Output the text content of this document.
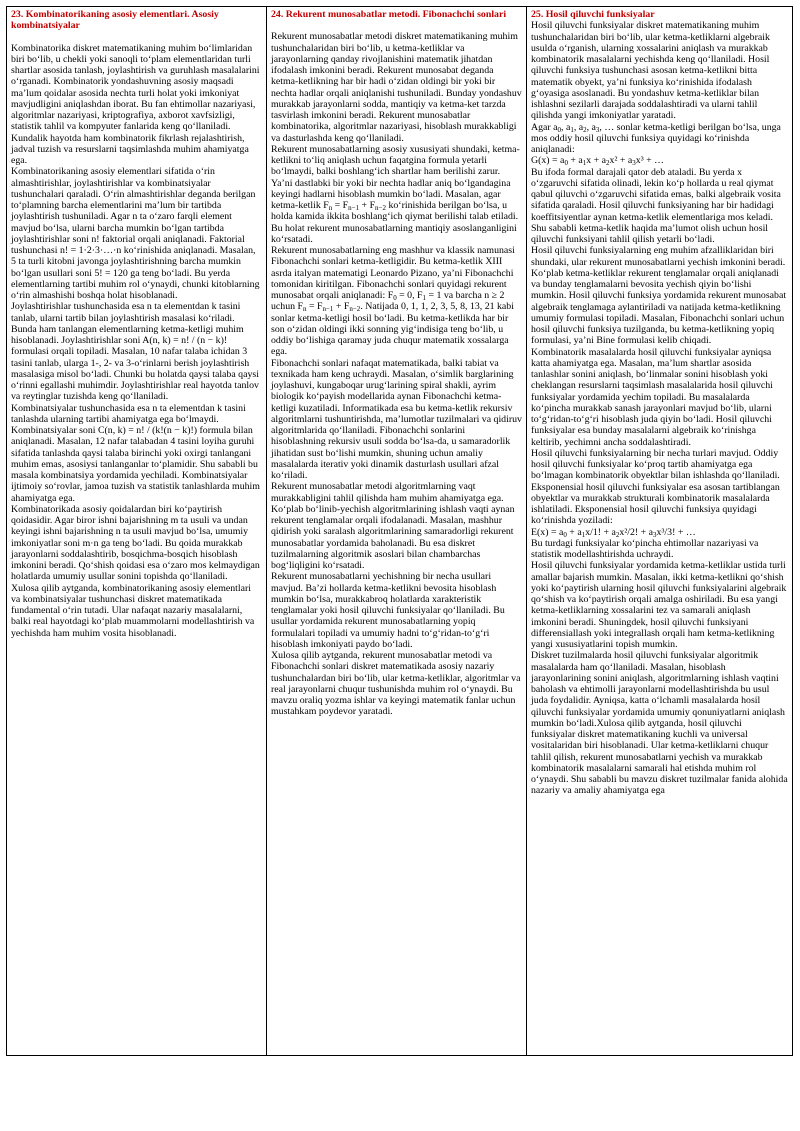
23. Kombinatorikaning asosiy elementlari. Asosiy kombinatsiyalar

Kombinatorika diskret matematikaning muhim boʻlimlaridan biri boʻlib, u chekli yoki sanoqli toʻplam elementlaridan turli shartlar asosida tanlash, joylashtirish va guruhlash masalalarini oʻrganadi. Kombinatorik yondashuvning asosiy maqsadi maʼlum qoidalar asosida nechta turli holat yoki imkoniyat mavjudligini aniqlashdan iborat. Bu fan ehtimollar nazariyasi, algoritmlar nazariyasi, kriptografiya, axborot xavfsizligi, statistik tahlil va kompyuter fanlarida keng qoʻllaniladi. Kundalik hayotda ham kombinatorik fikrlash rejalashtirish, jadval tuzish va resurslarni taqsimlashda muhim ahamiyatga ega.

Kombinatorikaning asosiy elementlari sifatida oʻrin almashtirishlar, joylashtirishlar va kombinatsiyalar tushunchalari qaraladi. Oʻrin almashtirishlar deganda berilgan toʻplamning barcha elementlarini maʼlum bir tartibda joylashtirish tushuniladi. Agar n ta oʻzaro farqli element mavjud boʻlsa, ularni barcha mumkin boʻlgan tartibda joylashtirishlar soni n! faktorial orqali aniqlanadi. Faktorial tushunchasi n! = 1·2·3·…·n koʻrinishida aniqlanadi. Masalan, 5 ta turli kitobni javonga joylashtirishning barcha mumkin boʻlgan usullari soni 5! = 120 ga teng boʻladi. Bu yerda elementlarning tartibi muhim rol oʻynaydi, chunki kitoblarning oʻrin almashishi boshqa holat hisoblanadi.

Joylashtirishlar tushunchasida esa n ta elementdan k tasini tanlab, ularni tartib bilan joylashtirish masalasi koʻriladi. Bunda ham tanlangan elementlarning ketma-ketligi muhim hisoblanadi. Joylashtirishlar soni A(n, k) = n! / (n − k)! formulasi orqali topiladi. Masalan, 10 nafar talaba ichidan 3 tasini tanlab, ularga 1-, 2- va 3-oʻrinlarni berish joylashtirish masalasiga misol boʻladi. Chunki bu holatda qaysi talaba qaysi oʻrinni egallashi muhimdir. Joylashtirishlar real hayotda tanlov va reytinglar tuzishda keng qoʻllaniladi.

Kombinatsiyalar tushunchasida esa n ta elementdan k tasini tanlashda ularning tartibi ahamiyatga ega boʻlmaydi. Kombinatsiyalar soni C(n, k) = n! / (k!(n − k)!) formula bilan aniqlanadi. Masalan, 12 nafar talabadan 4 tasini loyiha guruhi sifatida tanlashda qaysi talaba birinchi yoki oxirgi tanlangani muhim emas, asosiysi tanlanganlar toʻplamidir. Shu sababli bu masala kombinatsiya yordamida yechiladi. Kombinatsiyalar ijtimoiy soʻrovlar, jamoa tuzish va statistik tanlashlarda muhim ahamiyatga ega.

Kombinatorikada asosiy qoidalardan biri koʻpaytirish qoidasidir. Agar biror ishni bajarishning m ta usuli va undan keyingi ishni bajarishning n ta usuli mavjud boʻlsa, umumiy imkoniyatlar soni m·n ga teng boʻladi. Bu qoida murakkab jarayonlarni soddalashtirib, bosqichma-bosqich hisoblash imkonini beradi. Qoʻshish qoidasi esa oʻzaro mos kelmaydigan holatlarda umumiy usullar sonini topishda qoʻllaniladi.

Xulosa qilib aytganda, kombinatorikaning asosiy elementlari va kombinatsiyalar tushunchasi diskret matematikada fundamental oʻrin tutadi. Ular nafaqat nazariy masalalarni, balki real hayotdagi koʻplab muammolarni modellashtirish va yechishda ham muhim vosita hisoblanadi.

24. Rekurent munosabatlar metodi. Fibonachchi sonlari

Rekurent munosabatlar metodi diskret matematikaning muhim tushunchalaridan biri boʻlib, u ketma-ketliklar va jarayonlarning qanday rivojlanishini matematik jihatdan ifodalash imkonini beradi. Rekurent munosabat deganda ketma-ketlikning har bir hadi oʻzidan oldingi bir yoki bir nechta hadlar orqali aniqlanishi tushuniladi. Bunday yondashuv murakkab jarayonlarni sodda, mantiqiy va ketma-ket tarzda tasvirlash imkonini beradi. Rekurent munosabatlar kombinatorika, algoritmlar nazariyasi, hisoblash murakkabligi va dasturlashda keng qoʻllaniladi.

Rekurent munosabatlarning asosiy xususiyati shundaki, ketma-ketlikni toʻliq aniqlash uchun faqatgina formula yetarli boʻlmaydi, balki boshlangʻich shartlar ham berilishi zarur. Yaʼni dastlabki bir yoki bir nechta hadlar aniq boʻlgandagina keyingi hadlarni hisoblash mumkin boʻladi. Masalan, agar ketma-ketlik $F_n = F_{n-1} + F_{n-2}$ koʻrinishida berilgan boʻlsa, u holda kamida ikkita boshlangʻich qiymat berilishi talab etiladi. Bu holat rekurent munosabatlarning mantiqiy asoslanganligini koʻrsatadi.

Rekurent munosabatlarning eng mashhur va klassik namunasi Fibonachchi sonlari ketma-ketligidir. Bu ketma-ketlik XIII asrda italyan matematigi Leonardo Pizano, yaʼni Fibonachchi tomonidan kiritilgan. Fibonachchi sonlari quyidagi rekurent munosabat orqali aniqlanadi: $F_0 = 0$, $F_1 = 1$ va barcha n ≥ 2 uchun $F_n = F_{n-1} + F_{n-2}$. Natijada 0, 1, 1, 2, 3, 5, 8, 13, 21 kabi sonlar ketma-ketligi hosil boʻladi. Bu ketma-ketlikda har bir son oʻzidan oldingi ikki sonning yigʻindisiga teng boʻlib, u oddiy boʻlishiga qaramay juda chuqur matematik xossalarga ega.

Fibonachchi sonlari nafaqat matematikada, balki tabiat va texnikada ham keng uchraydi. Masalan, oʻsimlik barglarining joylashuvi, kungaboqar urugʻlarining spiral shakli, ayrim biologik koʻpayish modellarida aynan Fibonachchi ketma-ketligi kuzatiladi. Informatikada esa bu ketma-ketlik rekursiv algoritmlarni tushuntirishda, maʼlumotlar tuzilmalari va qidiruv algoritmlarida qoʻllaniladi. Fibonachchi sonlarini hisoblashning rekursiv usuli sodda boʻlsa-da, u samaradorlik jihatidan sust boʻlishi mumkin, shuning uchun amaliy masalalarda iterativ yoki dinamik dasturlash usullari afzal koʻriladi.

Rekurent munosabatlar metodi algoritmlarning vaqt murakkabligini tahlil qilishda ham muhim ahamiyatga ega. Koʻplab boʻlinib-yechish algoritmlarining ishlash vaqti aynan rekurent tenglamalar orqali ifodalanadi. Masalan, mashhur qidirish yoki saralash algoritmlarining samaradorligi rekurent munosabatlar yordamida baholanadi. Bu esa diskret tuzilmalarning algoritmik asoslari bilan chambarchas bogʻliqligini koʻrsatadi.

Rekurent munosabatlarni yechishning bir necha usullari mavjud. Baʼzi hollarda ketma-ketlikni bevosita hisoblash mumkin boʻlsa, murakkabroq holatlarda xarakteristik tenglamalar yoki hosil qiluvchi funksiyalar qoʻllaniladi. Bu usullar yordamida rekurent munosabatlarning yopiq formulalari topiladi va umumiy hadni toʻgʻridan-toʻgʻri hisoblash imkoniyati paydo boʻladi.

Xulosa qilib aytganda, rekurent munosabatlar metodi va Fibonachchi sonlari diskret matematikada asosiy nazariy tushunchalardan biri boʻlib, ular ketma-ketliklar, algoritmlar va real jarayonlarni chuqur tushunishda muhim rol oʻynaydi. Bu mavzu oraliq yozma ishlar va keyingi matematik fanlar uchun mustahkam poydevor yaratadi.

25. Hosil qiluvchi funksiyalar

Hosil qiluvchi funksiyalar diskret matematikaning muhim tushunchalaridan biri boʻlib, ular ketma-ketliklarni algebraik usulda oʻrganish, ularning xossalarini aniqlash va murakkab kombinatorik masalalarni yechishda keng qoʻllaniladi. Hosil qiluvchi funksiya tushunchasi asosan ketma-ketlikni bitta matematik obyekt, yaʼni funksiya koʻrinishida ifodalash gʻoyasiga asoslanadi. Bu yondashuv ketma-ketliklar bilan ishlashni sezilarli darajada soddalashtiradi va ularni tahlil qilishda yangi imkoniyatlar yaratadi.

Agar $a_0$, $a_1$, $a_2$, $a_3$, … sonlar ketma-ketligi berilgan boʻlsa, unga mos oddiy hosil qiluvchi funksiya quyidagi koʻrinishda aniqlanadi:

$G(x) = a_0 + a_1x + a_2x^2 + a_3x^3$ + …

Bu ifoda formal darajali qator deb ataladi. Bu yerda x oʻzgaruvchi sifatida olinadi, lekin koʻp hollarda u real qiymat qabul qiluvchi oʻzgaruvchi sifatida emas, balki algebraik vosita sifatida qaraladi. Hosil qiluvchi funksiyaning har bir hadidagi koeffitsiyentlar aynan ketma-ketlik elementlariga mos keladi. Shu sababli ketma-ketlik haqida maʼlumot olish uchun hosil qiluvchi funksiyani tahlil qilish yetarli boʻladi.

Hosil qiluvchi funksiyalarning eng muhim afzalliklaridan biri shundaki, ular rekurent munosabatlarni yechish imkonini beradi. Koʻplab ketma-ketliklar rekurent tenglamalar orqali aniqlanadi va bunday tenglamalarni bevosita yechish qiyin boʻlishi mumkin. Hosil qiluvchi funksiya yordamida rekurent munosabat algebraik tenglamaga aylantiriladi va natijada ketma-ketlikning umumiy formulasi topiladi. Masalan, Fibonachchi sonlari uchun hosil qiluvchi funksiya tuzilganda, bu ketma-ketlikning yopiq formulasi, yaʼni Bine formulasi kelib chiqadi.

Kombinatorik masalalarda hosil qiluvchi funksiyalar ayniqsa katta ahamiyatga ega. Masalan, maʼlum shartlar asosida tanlashlar sonini aniqlash, boʻlinmalar sonini hisoblash yoki cheklangan resurslarni taqsimlash masalalarida hosil qiluvchi funksiyalar yordamida yechim topiladi. Bu masalalarda koʻpincha murakkab sanash jarayonlari mavjud boʻlib, ularni toʻgʻridan-toʻgʻri hisoblash juda qiyin boʻladi. Hosil qiluvchi funksiyalar esa bunday masalalarni algebraik koʻrinishga keltirib, yechimni ancha soddalashtiradi.

Hosil qiluvchi funksiyalarning bir necha turlari mavjud. Oddiy hosil qiluvchi funksiyalar koʻproq tartib ahamiyatga ega boʻlmagan kombinatorik obyektlar bilan ishlashda qoʻllaniladi. Eksponensial hosil qiluvchi funksiyalar esa asosan tartiblangan obyektlar va murakkab strukturali kombinatorik masalalarda ishlatiladi. Eksponensial hosil qiluvchi funksiya quyidagi koʻrinishda yoziladi:

$E(x) = a_0 + a_1x/1$! + $a_2x^2/2$! + $a_3x^3/3$! + …

Bu turdagi funksiyalar koʻpincha ehtimollar nazariyasi va statistik modellashtirishda uchraydi.

Hosil qiluvchi funksiyalar yordamida ketma-ketliklar ustida turli amallar bajarish mumkin. Masalan, ikki ketma-ketlikni qoʻshish yoki koʻpaytirish ularning hosil qiluvchi funksiyalarini algebraik qoʻshish va koʻpaytirish orqali amalga oshiriladi. Bu esa yangi ketma-ketliklarning xossalarini tez va samarali aniqlash imkonini beradi. Shuningdek, hosil qiluvchi funksiyani differensiallash yoki integrallash orqali ham ketma-ketlikning yangi xususiyatlarini topish mumkin.

Diskret tuzilmalarda hosil qiluvchi funksiyalar algoritmik masalalarda ham qoʻllaniladi. Masalan, hisoblash jarayonlarining sonini aniqlash, algoritmlarning ishlash vaqtini baholash va ehtimolli jarayonlarni modellashtirishda bu usul juda foydalidir. Ayniqsa, katta oʻlchamli masalalarda hosil qiluvchi funksiyalar yordamida umumiy qonuniyatlarni aniqlash mumkin boʻladi.Xulosa qilib aytganda, hosil qiluvchi funksiyalar diskret matematikaning kuchli va universal vositalaridan biri hisoblanadi. Ular ketma-ketliklarni chuqur tahlil qilish, rekurent munosabatlarni yechish va murakkab kombinatorik masalalarni samarali hal etishda muhim rol oʻynaydi. Shu sababli bu mavzu diskret tuzilmalar fanida alohida nazariy va amaliy ahamiyatga ega
